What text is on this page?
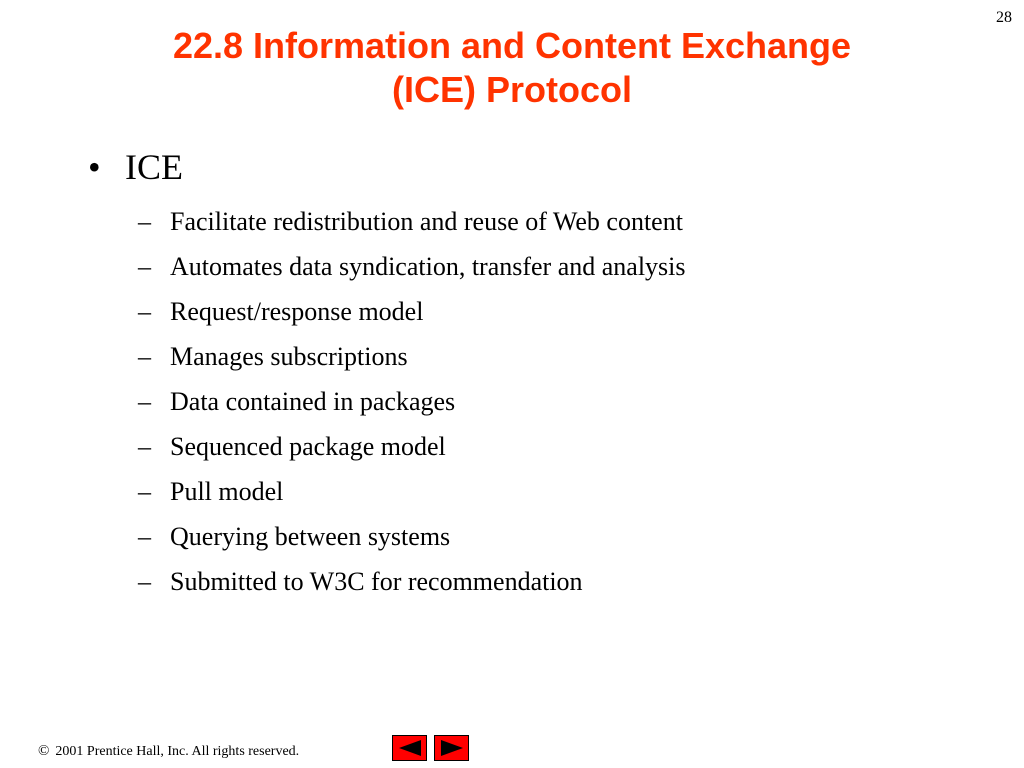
28
22.8 Information and Content Exchange
(ICE) Protocol
• ICE
– Facilitate redistribution and reuse of Web content
– Automates data syndication, transfer and analysis
– Request/response model
– Manages subscriptions
– Data contained in packages
– Sequenced package model
– Pull model
– Querying between systems
– Submitted to W3C for recommendation
© 2001 Prentice Hall, Inc. All rights reserved.
